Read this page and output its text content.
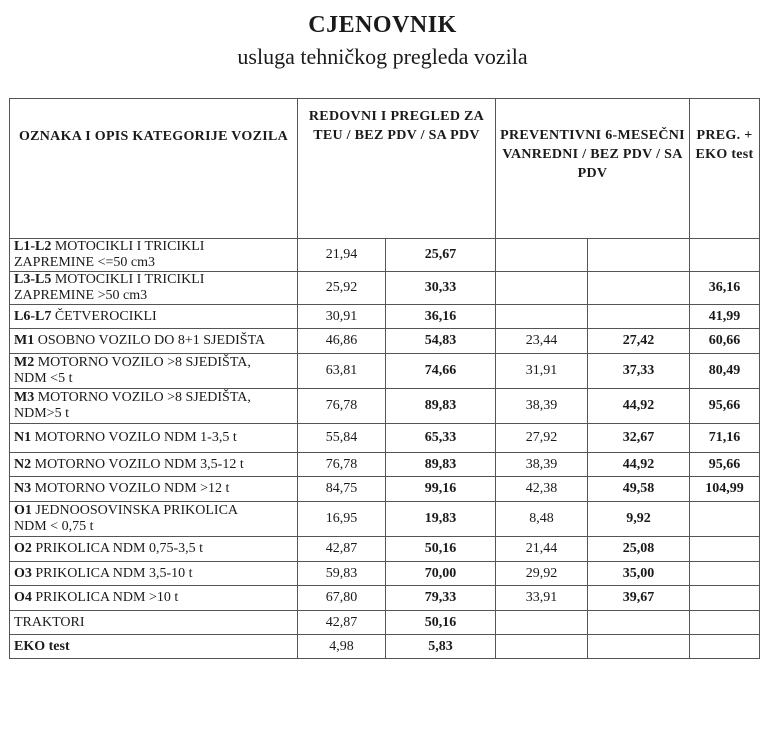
CJENOVNIK
usluga tehničkog pregleda vozila
OZNAKA I OPIS KATEGORIJE VOZILA	REDOVNI I PREGLED ZA TEU / BEZ PDV / SA PDV		PREVENTIVNI 6-MESEČNI VANREDNI / BEZ PDV / SA PDV		PREG. + EKO test
L1-L2 MOTOCIKLI I TRICIKLI
ZAPREMINE <=50 cm3	21,94	25,67			
L3-L5 MOTOCIKLI I TRICIKLI
ZAPREMINE >50 cm3	25,92	30,33			36,16
L6-L7 ČETVEROCIKLI	30,91	36,16			41,99
M1 OSOBNO VOZILO DO 8+1 SJEDIŠTA	46,86	54,83	23,44	27,42	60,66
M2 MOTORNO VOZILO >8 SJEDIŠTA,
NDM <5 t	63,81	74,66	31,91	37,33	80,49
M3 MOTORNO VOZILO >8 SJEDIŠTA,
NDM>5 t	76,78	89,83	38,39	44,92	95,66
N1 MOTORNO VOZILO NDM 1-3,5 t	55,84	65,33	27,92	32,67	71,16
N2 MOTORNO VOZILO NDM 3,5-12 t	76,78	89,83	38,39	44,92	95,66
N3 MOTORNO VOZILO NDM >12 t	84,75	99,16	42,38	49,58	104,99
O1 JEDNOOSOVINSKA PRIKOLICA
NDM < 0,75 t	16,95	19,83	8,48	9,92	
O2 PRIKOLICA NDM 0,75-3,5 t	42,87	50,16	21,44	25,08	
O3 PRIKOLICA NDM 3,5-10 t	59,83	70,00	29,92	35,00	
O4 PRIKOLICA NDM >10 t	67,80	79,33	33,91	39,67	
TRAKTORI	42,87	50,16			
EKO test	4,98	5,83			
